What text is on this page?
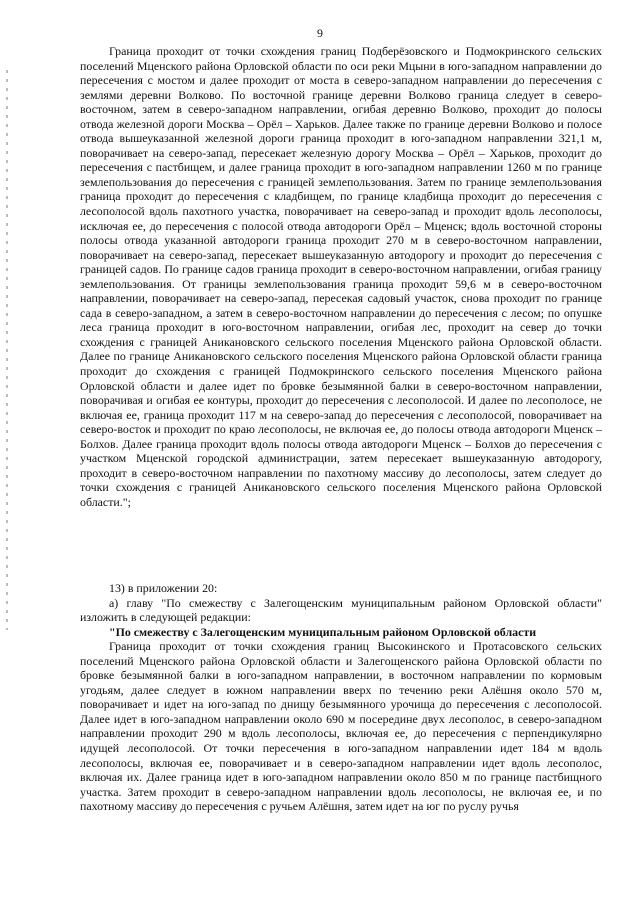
9

Граница проходит от точки схождения границ Подберёзовского и Подмокринского сельских поселений Мценского района Орловской области по оси реки Мцыни в юго-западном направлении до пересечения с мостом и далее проходит от моста в северо-западном направлении до пересечения с землями деревни Волково. По восточной границе деревни Волково граница следует в северо-восточном, затем в северо-западном направлении, огибая деревню Волково, проходит до полосы отвода железной дороги Москва – Орёл – Харьков. Далее также по границе деревни Волково и полосе отвода вышеуказанной железной дороги граница проходит в юго-западном направлении 321,1 м, поворачивает на северо-запад, пересекает железную дорогу Москва – Орёл – Харьков, проходит до пересечения с пастбищем, и далее граница проходит в юго-западном направлении 1260 м по границе землепользования до пересечения с границей землепользования. Затем по границе землепользования граница проходит до пересечения с кладбищем, по границе кладбища проходит до пересечения с лесополосой вдоль пахотного участка, поворачивает на северо-запад и проходит вдоль лесополосы, исключая ее, до пересечения с полосой отвода автодороги Орёл – Мценск; вдоль восточной стороны полосы отвода указанной автодороги граница проходит 270 м в северо-восточном направлении, поворачивает на северо-запад, пересекает вышеуказанную автодорогу и проходит до пересечения с границей садов. По границе садов граница проходит в северо-восточном направлении, огибая границу землепользования. От границы землепользования граница проходит 59,6 м в северо-восточном направлении, поворачивает на северо-запад, пересекая садовый участок, снова проходит по границе сада в северо-западном, а затем в северо-восточном направлении до пересечения с лесом; по опушке леса граница проходит в юго-восточном направлении, огибая лес, проходит на север до точки схождения с границей Аникановского сельского поселения Мценского района Орловской области. Далее по границе Аникановского сельского поселения Мценского района Орловской области граница проходит до схождения с границей Подмокринского сельского поселения Мценского района Орловской области и далее идет по бровке безымянной балки в северо-восточном направлении, поворачивая и огибая ее контуры, проходит до пересечения с лесополосой. И далее по лесополосе, не включая ее, граница проходит 117 м на северо-запад до пересечения с лесополосой, поворачивает на северо-восток и проходит по краю лесополосы, не включая ее, до полосы отвода автодороги Мценск – Болхов. Далее граница проходит вдоль полосы отвода автодороги Мценск – Болхов до пересечения с участком Мценской городской администрации, затем пересекает вышеуказанную автодорогу, проходит в северо-восточном направлении по пахотному массиву до лесополосы, затем следует до точки схождения с границей Аникановского сельского поселения Мценского района Орловской области.";

13) в приложении 20:

а) главу "По смежеству с Залегощенским муниципальным районом Орловской области" изложить в следующей редакции:

"По смежеству с Залегощенским муниципальным районом Орловской области

Граница проходит от точки схождения границ Высокинского и Протасовского сельских поселений Мценского района Орловской области и Залегощенского района Орловской области по бровке безымянной балки в юго-западном направлении, в восточном направлении по кормовым угодьям, далее следует в южном направлении вверх по течению реки Алёшня около 570 м, поворачивает и идет на юго-запад по днищу безымянного урочища до пересечения с лесополосой. Далее идет в юго-западном направлении около 690 м посередине двух лесополос, в северо-западном направлении проходит 290 м вдоль лесополосы, включая ее, до пересечения с перпендикулярно идущей лесополосой. От точки пересечения в юго-западном направлении идет 184 м вдоль лесополосы, включая ее, поворачивает и в северо-западном направлении идет вдоль лесополос, включая их. Далее граница идет в юго-западном направлении около 850 м по границе пастбищного участка. Затем проходит в северо-западном направлении вдоль лесополосы, не включая ее, и по пахотному массиву до пересечения с ручьем Алёшня, затем идет на юг по руслу ручья
